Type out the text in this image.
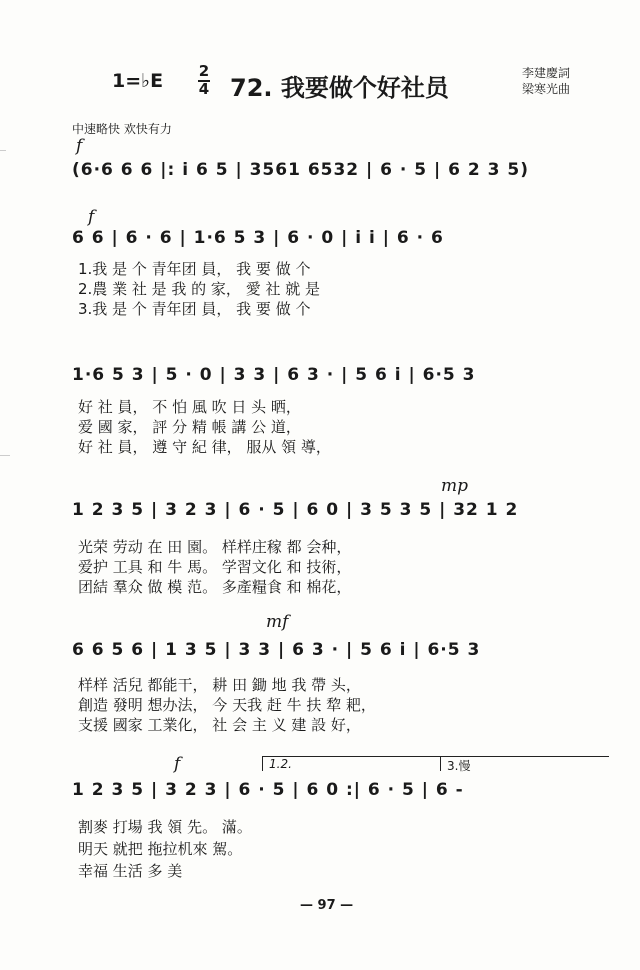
1=♭E 2
4 72. 我要做个好社员
李建慶詞
梁寒光曲
中速略快 欢快有力
(6·6 6 6 |: i 6 5 | 3561 6532 | 6 · 5 | 6 2 3 5)
f
6 6 | 6 · 6 | 1·6 5 3 | 6 · 0 | i i | 6 · 6
f
1.我 是 个 青年团 員， 我 要 做 个
2.農 業 社 是 我 的 家， 愛 社 就 是
3.我 是 个 青年团 員， 我 要 做 个
1·6 5 3 | 5 · 0 | 3 3 | 6 3 · | 5 6 i | 6·5 3
好 社 員， 不 怕 風 吹 日 头 晒，
爱 國 家， 評 分 精 帳 講 公 道，
好 社 員， 遵 守 紀 律， 服从 領 導，
1 2 3 5 | 3 2 3 | 6 · 5 | 6 0 | 3 5 3 5 | 32 1 2
mp
光荣 劳动 在 田 園。 样样庄稼 都 会种，
爱护 工具 和 牛 馬。 学習文化 和 技術，
团結 羣众 做 模 范。 多產糧食 和 棉花，
6 6 5 6 | 1 3 5 | 3 3 | 6 3 · | 5 6 i | 6·5 3
mf
样样 活兒 都能干， 耕 田 鋤 地 我 帶 头，
創造 發明 想办法， 今 天我 赶 牛 扶 犂 耙，
支援 國家 工業化， 社 会 主 义 建 設 好，
1 2 3 5 | 3 2 3 | 6 · 5 | 6 0 :| 6 · 5 | 6 -
f
割麥 打場 我 領 先。 滿。
明天 就把 拖拉机來 駕。
幸福 生活 多 美
1.2.	3.慢
— 97 —
